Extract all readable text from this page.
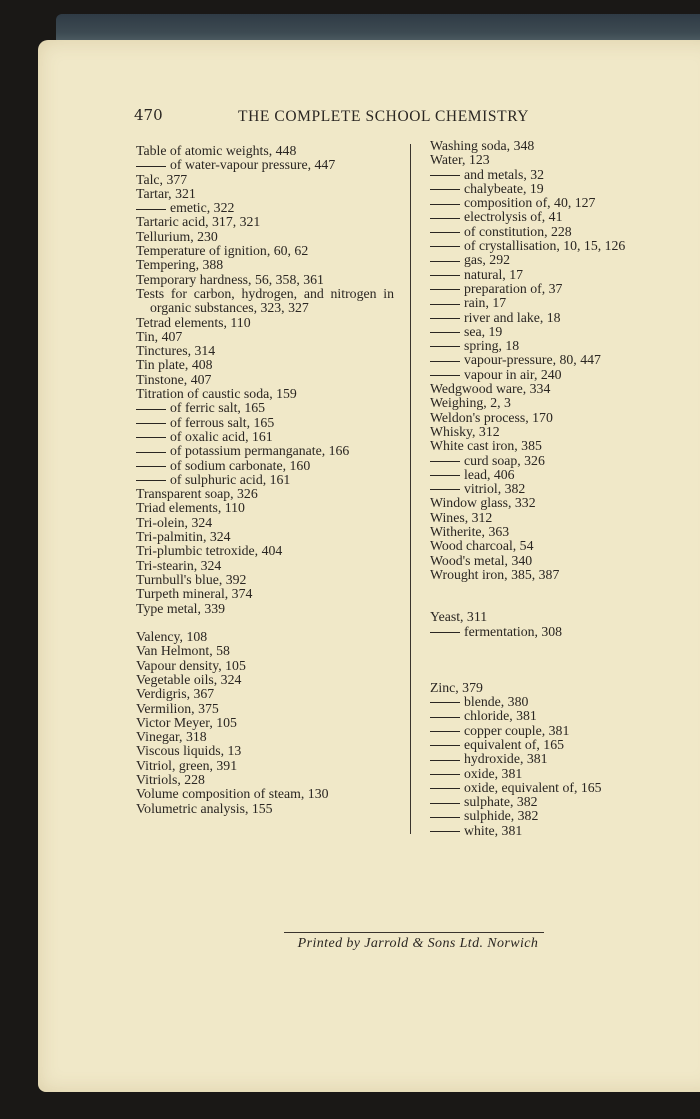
470	THE COMPLETE SCHOOL CHEMISTRY
Table of atomic weights, 448
of water-vapour pressure, 447
Talc, 377
Tartar, 321
emetic, 322
Tartaric acid, 317, 321
Tellurium, 230
Temperature of ignition, 60, 62
Tempering, 388
Temporary hardness, 56, 358, 361
Tests for carbon, hydrogen, and nitrogen in organic substances, 323, 327
Tetrad elements, 110
Tin, 407
Tinctures, 314
Tin plate, 408
Tinstone, 407
Titration of caustic soda, 159
of ferric salt, 165
of ferrous salt, 165
of oxalic acid, 161
of potassium permanganate, 166
of sodium carbonate, 160
of sulphuric acid, 161
Transparent soap, 326
Triad elements, 110
Tri-olein, 324
Tri-palmitin, 324
Tri-plumbic tetroxide, 404
Tri-stearin, 324
Turnbull's blue, 392
Turpeth mineral, 374
Type metal, 339
Valency, 108
Van Helmont, 58
Vapour density, 105
Vegetable oils, 324
Verdigris, 367
Vermilion, 375
Victor Meyer, 105
Vinegar, 318
Viscous liquids, 13
Vitriol, green, 391
Vitriols, 228
Volume composition of steam, 130
Volumetric analysis, 155
Washing soda, 348
Water, 123
and metals, 32
chalybeate, 19
composition of, 40, 127
electrolysis of, 41
of constitution, 228
of crystallisation, 10, 15, 126
gas, 292
natural, 17
preparation of, 37
rain, 17
river and lake, 18
sea, 19
spring, 18
vapour-pressure, 80, 447
vapour in air, 240
Wedgwood ware, 334
Weighing, 2, 3
Weldon's process, 170
Whisky, 312
White cast iron, 385
curd soap, 326
lead, 406
vitriol, 382
Window glass, 332
Wines, 312
Witherite, 363
Wood charcoal, 54
Wood's metal, 340
Wrought iron, 385, 387
Yeast, 311
fermentation, 308
Zinc, 379
blende, 380
chloride, 381
copper couple, 381
equivalent of, 165
hydroxide, 381
oxide, 381
oxide, equivalent of, 165
sulphate, 382
sulphide, 382
white, 381
Printed by Jarrold & Sons Ltd. Norwich
